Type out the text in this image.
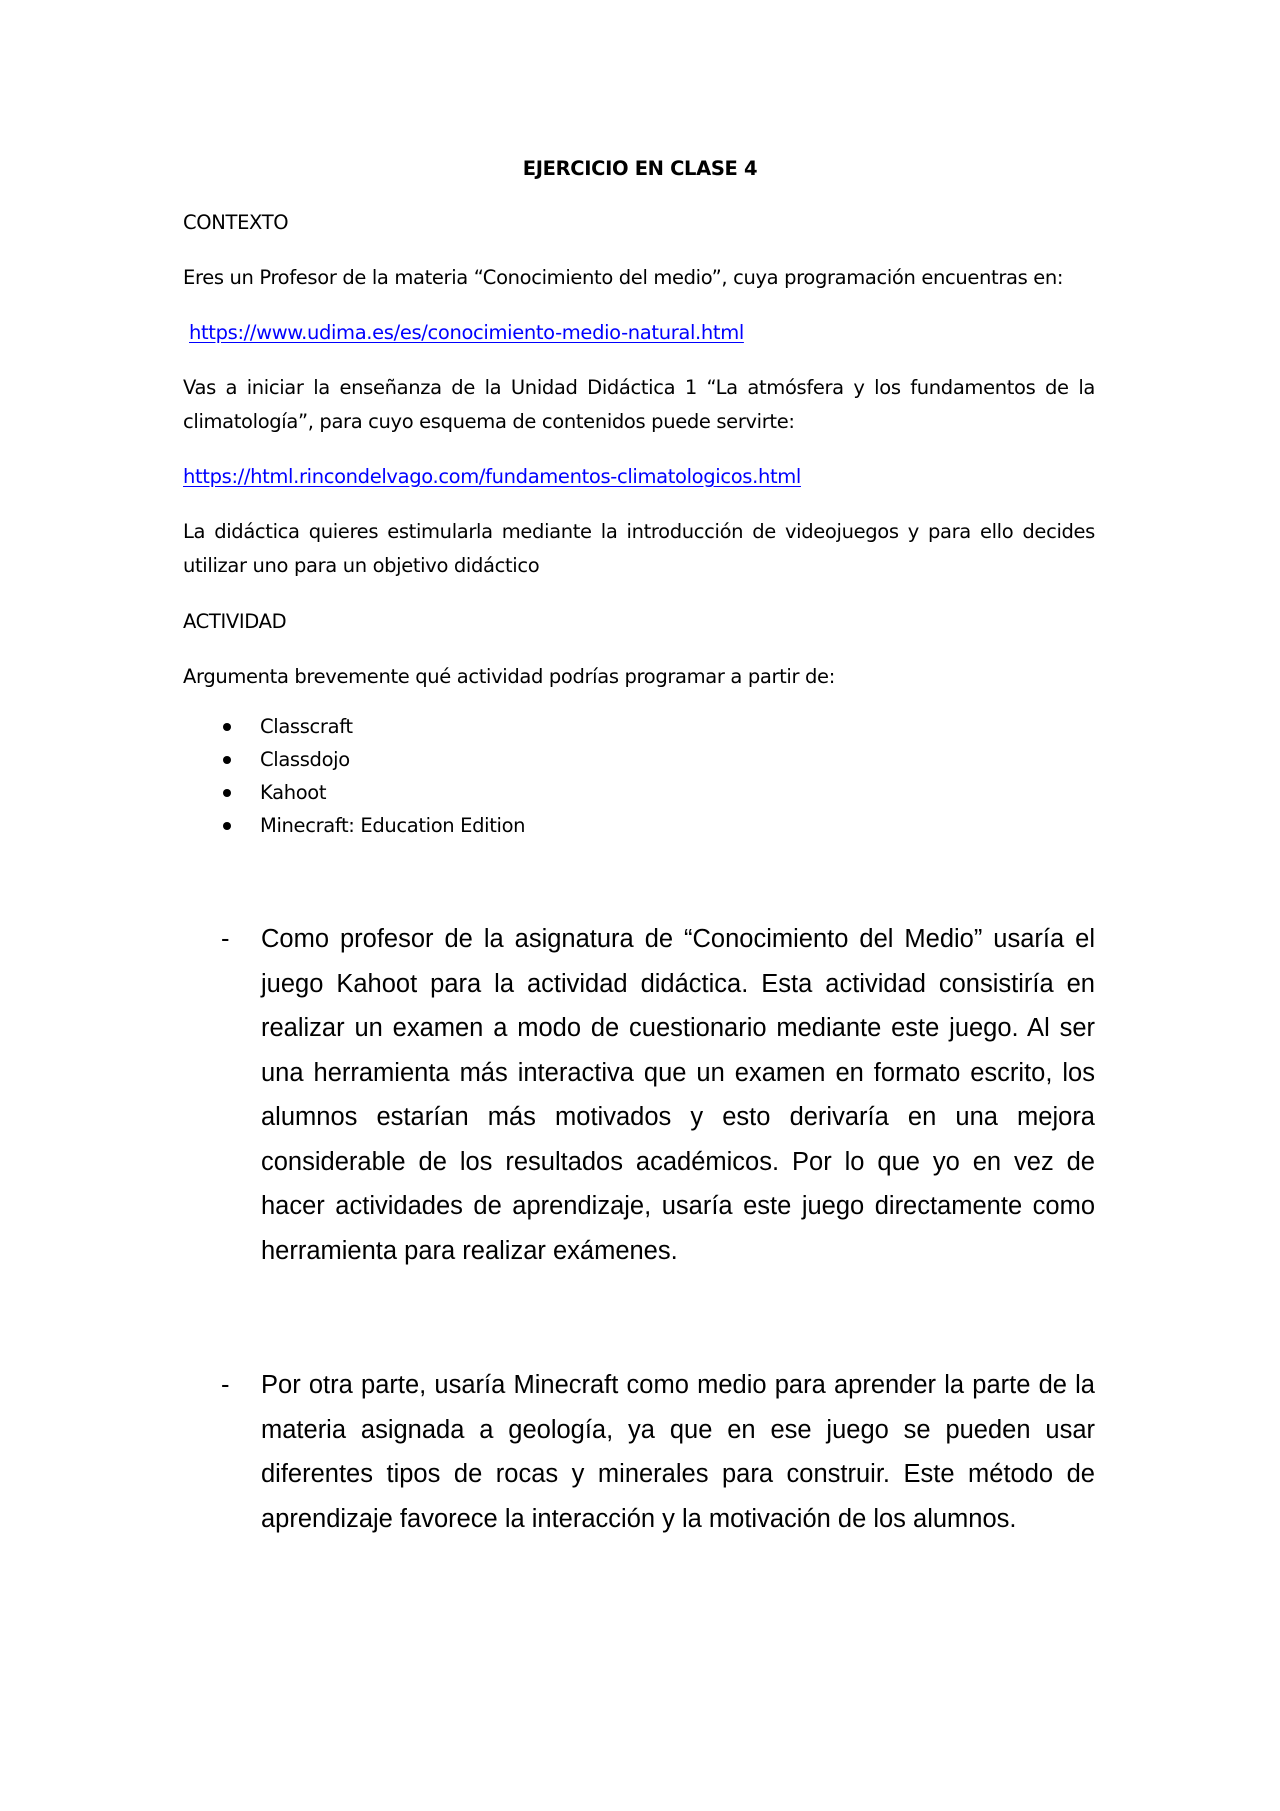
EJERCICIO EN CLASE 4
CONTEXTO
Eres un Profesor de la materia “Conocimiento del medio”, cuya programación encuentras en:
https://www.udima.es/es/conocimiento-medio-natural.html
Vas a iniciar la enseñanza de la Unidad Didáctica 1 “La atmósfera y los fundamentos de la climatología”, para cuyo esquema de contenidos puede servirte:
https://html.rincondelvago.com/fundamentos-climatologicos.html
La didáctica quieres estimularla mediante la introducción de videojuegos y para ello decides utilizar uno para un objetivo didáctico
ACTIVIDAD
Argumenta brevemente qué actividad podrías programar a partir de:
Classcraft
Classdojo
Kahoot
Minecraft: Education Edition
- Como profesor de la asignatura de “Conocimiento del Medio” usaría el juego Kahoot para la actividad didáctica. Esta actividad consistiría en realizar un examen a modo de cuestionario mediante este juego. Al ser una herramienta más interactiva que un examen en formato escrito, los alumnos estarían más motivados y esto derivaría en una mejora considerable de los resultados académicos. Por lo que yo en vez de hacer actividades de aprendizaje, usaría este juego directamente como herramienta para realizar exámenes.
- Por otra parte, usaría Minecraft como medio para aprender la parte de la materia asignada a geología, ya que en ese juego se pueden usar diferentes tipos de rocas y minerales para construir. Este método de aprendizaje favorece la interacción y la motivación de los alumnos.
